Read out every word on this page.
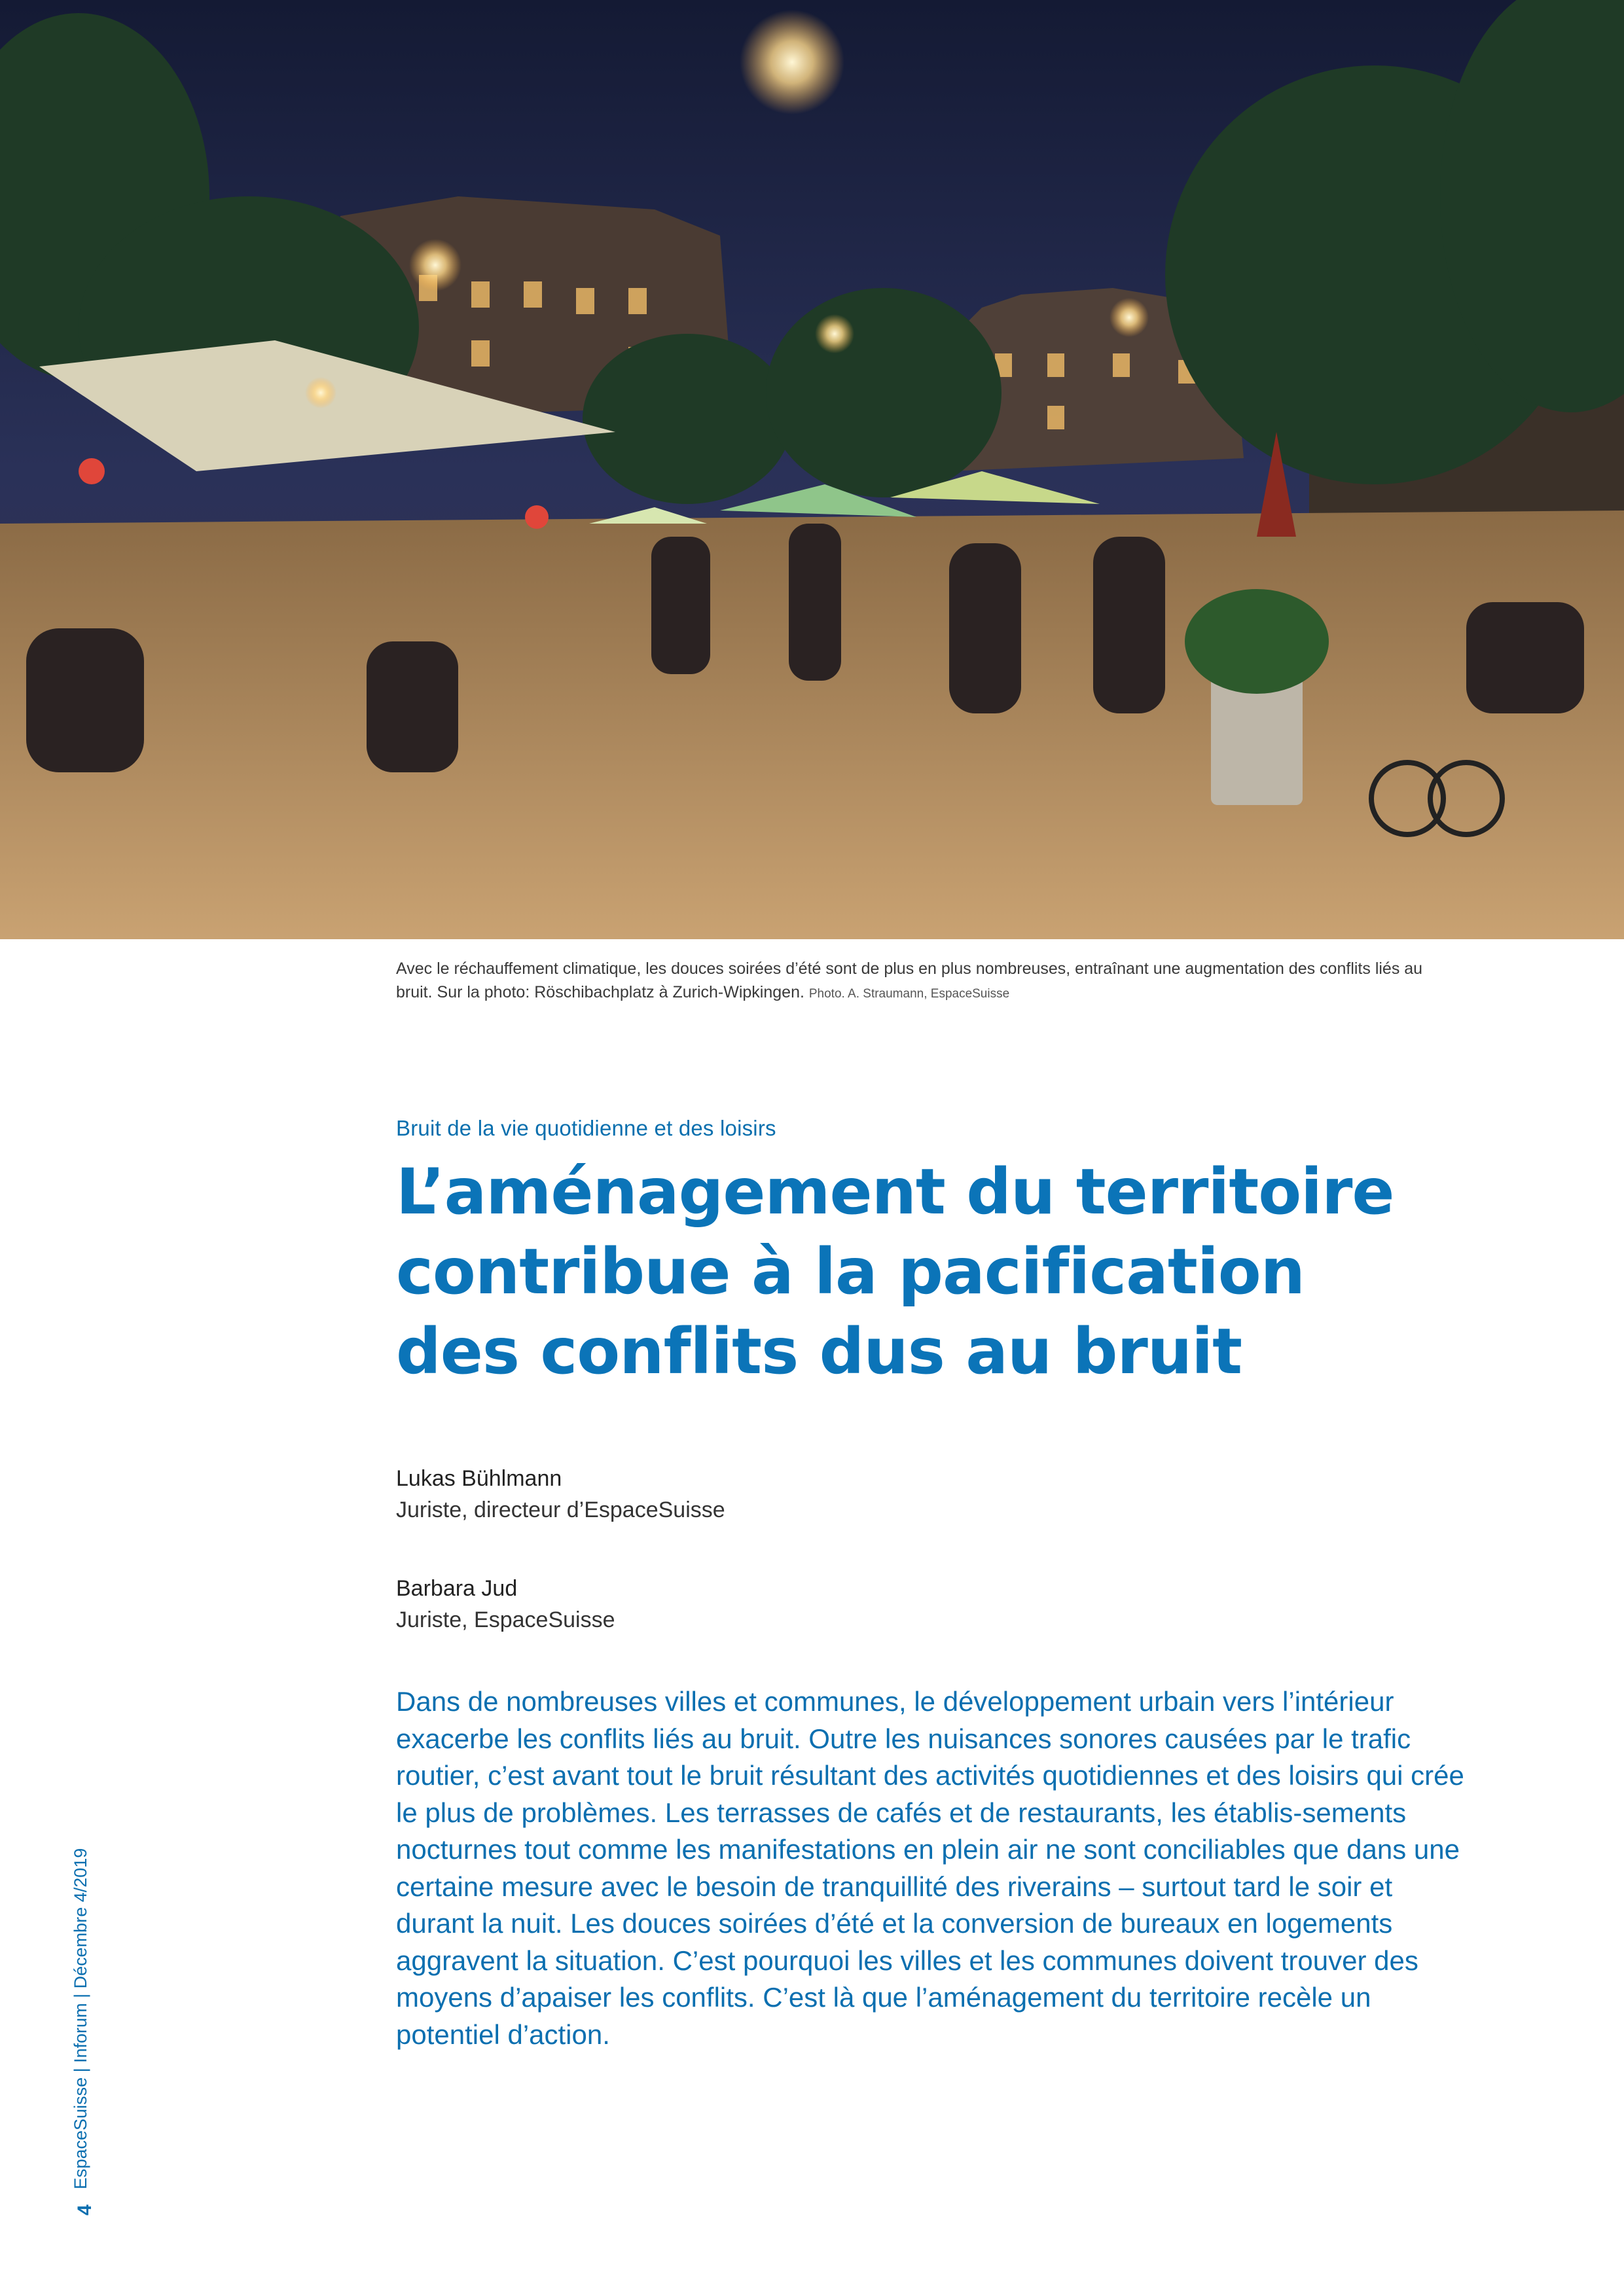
Avec le réchauffement climatique, les douces soirées d’été sont de plus en plus nombreuses, entraînant une augmentation des conflits liés au bruit. Sur la photo: Röschibachplatz à Zurich-Wipkingen. Photo. A. Straumann, EspaceSuisse

Bruit de la vie quotidienne et des loisirs

L’aménagement du territoire
contribue à la pacification
des conflits dus au bruit
Lukas Bühlmann
Juriste, directeur d’EspaceSuisse
Barbara Jud
Juriste, EspaceSuisse

Dans de nombreuses villes et communes, le développement urbain vers l’intérieur exacerbe les conflits liés au bruit. Outre les nuisances sonores causées par le trafic routier, c’est avant tout le bruit résultant des activités quotidiennes et des loisirs qui crée le plus de problèmes. Les terrasses de cafés et de restaurants, les établis-sements nocturnes tout comme les manifestations en plein air ne sont conciliables que dans une certaine mesure avec le besoin de tranquillité des riverains – surtout tard le soir et durant la nuit. Les douces soirées d’été et la conversion de bureaux en logements aggravent la situation. C’est pourquoi les villes et les communes doivent trouver des moyens d’apaiser les conflits. C’est là que l’aménagement du territoire recèle un potentiel d’action.

EspaceSuisse | Inforum | Décembre 4/2019
4
